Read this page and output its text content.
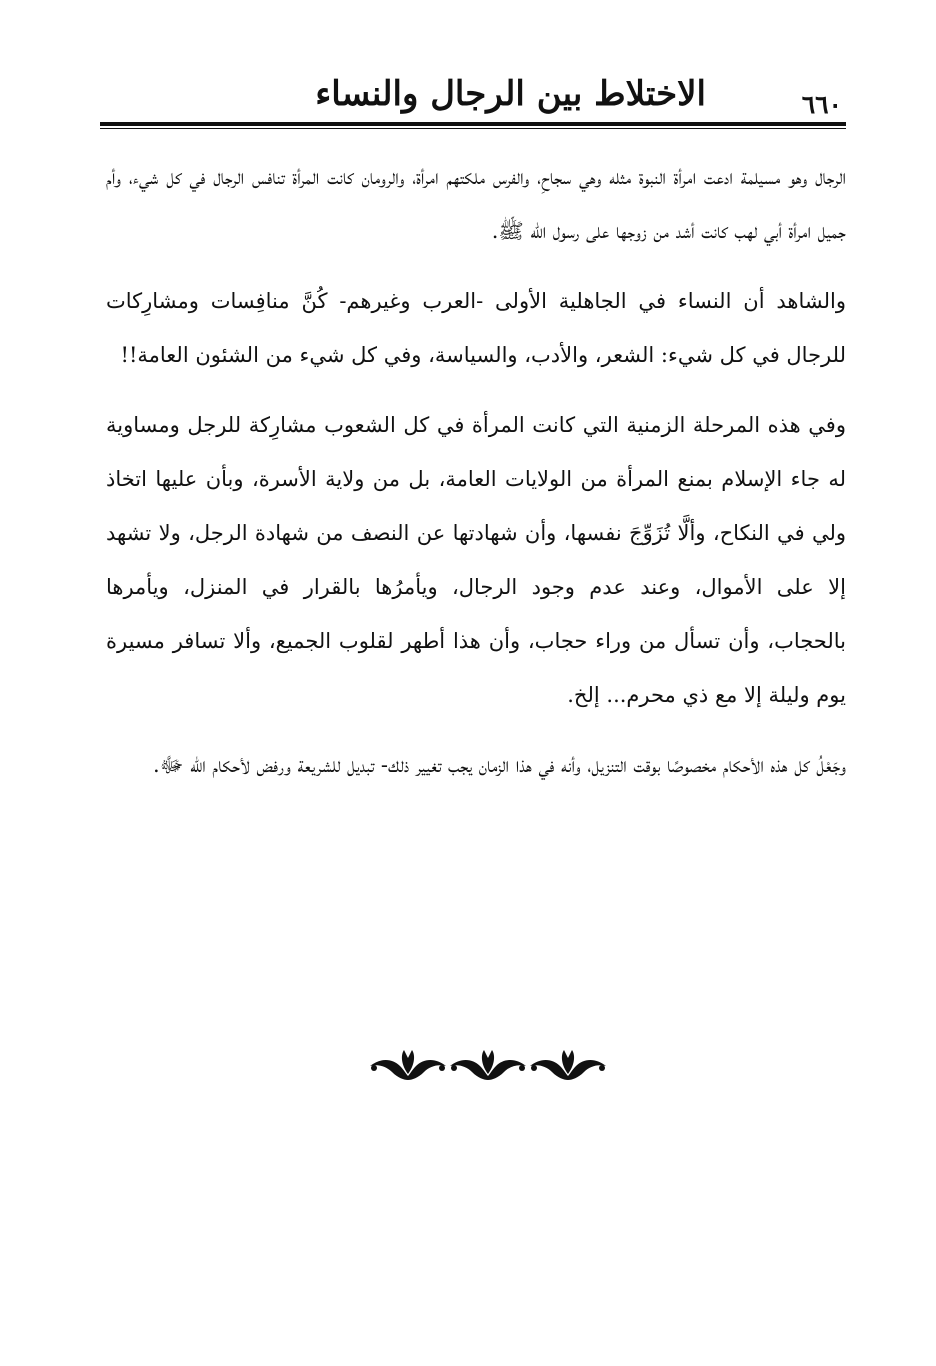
الاختلاط بين الرجال والنساء	٦٦٠

الرجال وهو مسيلمة ادعت امرأة النبوة مثله وهي سجاحِ، والفرس ملكتهم امرأة، والرومان كانت المرأة تنافس الرجال في كل شيء، وأم جميل امرأة أبي لهب كانت أشد من زوجها على رسول الله ﷺ.

والشاهد أن النساء في الجاهلية الأولى -العرب وغيرهم- كُنَّ منافِسات ومشارِكات للرجال في كل شيء: الشعر، والأدب، والسياسة، وفي كل شيء من الشئون العامة!!

وفي هذه المرحلة الزمنية التي كانت المرأة في كل الشعوب مشارِكة للرجل ومساوية له جاء الإسلام بمنع المرأة من الولايات العامة، بل من ولاية الأسرة، وبأن عليها اتخاذ ولي في النكاح، وألَّا تُزَوِّجَ نفسها، وأن شهادتها عن النصف من شهادة الرجل، ولا تشهد إلا على الأموال، وعند عدم وجود الرجال، ويأمرُها بالقرار في المنزل، ويأمرها بالحجاب، وأن تسأل من وراء حجاب، وأن هذا أطهر لقلوب الجميع، وألا تسافر مسيرة يوم وليلة إلا مع ذي محرم... إلخ.

وجَعْلُ كل هذه الأحكام مخصوصًا بوقت التنزيل، وأنه في هذا الزمان يجب تغيير ذلك- تبديل للشريعة ورفض لأحكام الله ﷻ.
